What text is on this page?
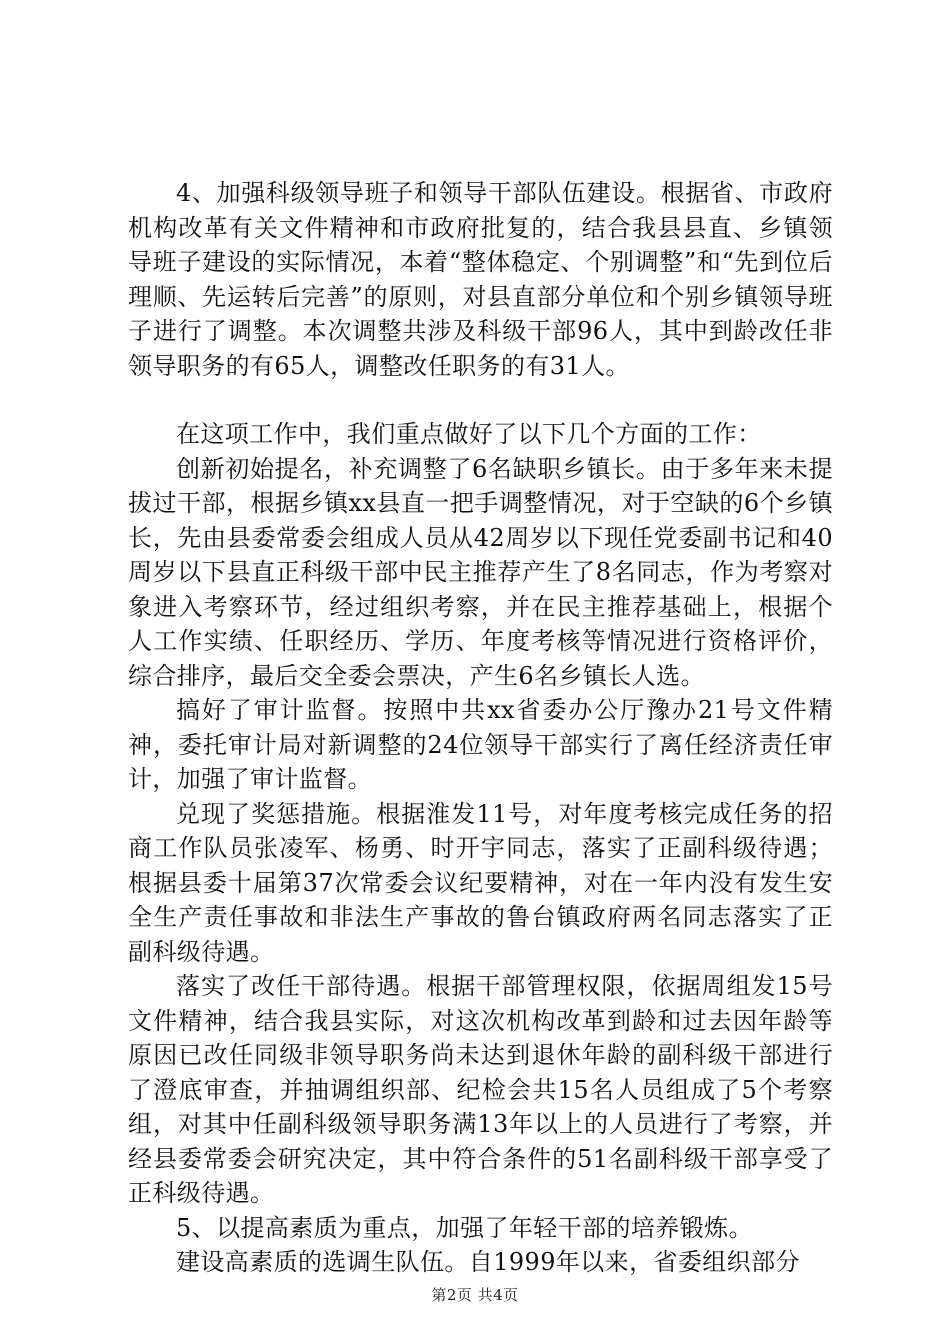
4、加强科级领导班子和领导干部队伍建设。根据省、市政府机构改革有关文件精神和市政府批复的，结合我县县直、乡镇领导班子建设的实际情况，本着“整体稳定、个别调整”和“先到位后理顺、先运转后完善”的原则，对县直部分单位和个别乡镇领导班子进行了调整。本次调整共涉及科级干部96人，其中到龄改任非领导职务的有65人，调整改任职务的有31人。

在这项工作中，我们重点做好了以下几个方面的工作：

创新初始提名，补充调整了6名缺职乡镇长。由于多年来未提拔过干部，根据乡镇xx县直一把手调整情况，对于空缺的6个乡镇长，先由县委常委会组成人员从42周岁以下现任党委副书记和40周岁以下县直正科级干部中民主推荐产生了8名同志，作为考察对象进入考察环节，经过组织考察，并在民主推荐基础上，根据个人工作实绩、任职经历、学历、年度考核等情况进行资格评价，综合排序，最后交全委会票决，产生6名乡镇长人选。

搞好了审计监督。按照中共xx省委办公厅豫办21号文件精神，委托审计局对新调整的24位领导干部实行了离任经济责任审计，加强了审计监督。

兑现了奖惩措施。根据淮发11号，对年度考核完成任务的招商工作队员张凌军、杨勇、时开宇同志，落实了正副科级待遇；根据县委十届第37次常委会议纪要精神，对在一年内没有发生安全生产责任事故和非法生产事故的鲁台镇政府两名同志落实了正副科级待遇。

落实了改任干部待遇。根据干部管理权限，依据周组发15号文件精神，结合我县实际，对这次机构改革到龄和过去因年龄等原因已改任同级非领导职务尚未达到退休年龄的副科级干部进行了澄底审查，并抽调组织部、纪检会共15名人员组成了5个考察组，对其中任副科级领导职务满13年以上的人员进行了考察，并经县委常委会研究决定，其中符合条件的51名副科级干部享受了正科级待遇。

5、以提高素质为重点，加强了年轻干部的培养锻炼。

建设高素质的选调生队伍。自1999年以来，省委组织部分

第2页 共4页
